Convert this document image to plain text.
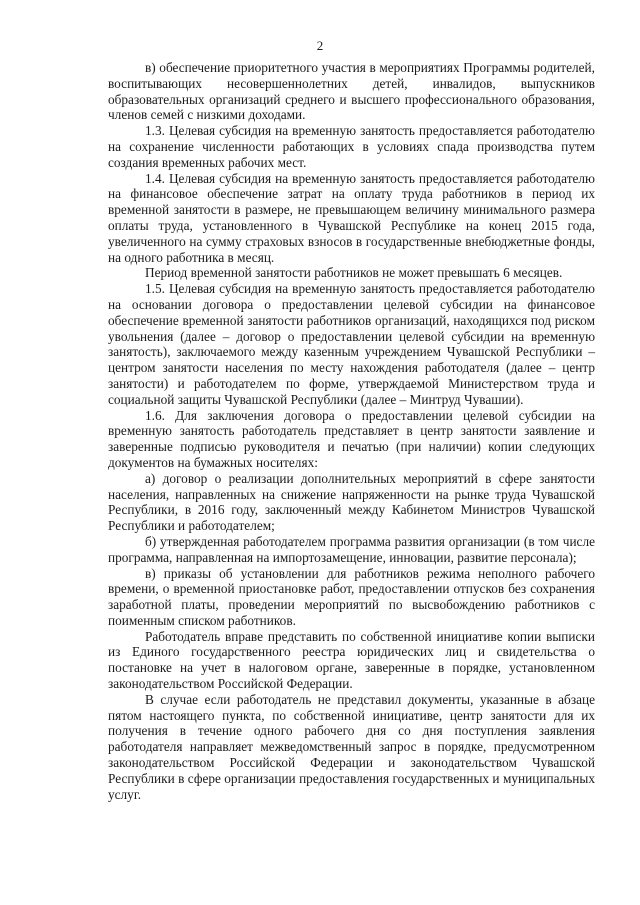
2

в) обеспечение приоритетного участия в мероприятиях Программы родителей, воспитывающих несовершеннолетних детей, инвалидов, выпускников образовательных организаций среднего и высшего профессионального образования, членов семей с низкими доходами.

1.3. Целевая субсидия на временную занятость предоставляется работодателю на сохранение численности работающих в условиях спада производства путем создания временных рабочих мест.

1.4. Целевая субсидия на временную занятость предоставляется работодателю на финансовое обеспечение затрат на оплату труда работников в период их временной занятости в размере, не превышающем величину минимального размера оплаты труда, установленного в Чувашской Республике на конец 2015 года, увеличенного на сумму страховых взносов в государственные внебюджетные фонды, на одного работника в месяц.

Период временной занятости работников не может превышать 6 месяцев.

1.5. Целевая субсидия на временную занятость предоставляется работодателю на основании договора о предоставлении целевой субсидии на финансовое обеспечение временной занятости работников организаций, находящихся под риском увольнения (далее – договор о предоставлении целевой субсидии на временную занятость), заключаемого между казенным учреждением Чувашской Республики – центром занятости населения по месту нахождения работодателя (далее – центр занятости) и работодателем по форме, утверждаемой Министерством труда и социальной защиты Чувашской Республики (далее – Минтруд Чувашии).

1.6. Для заключения договора о предоставлении целевой субсидии на временную занятость работодатель представляет в центр занятости заявление и заверенные подписью руководителя и печатью (при наличии) копии следующих документов на бумажных носителях:

а) договор о реализации дополнительных мероприятий в сфере занятости населения, направленных на снижение напряженности на рынке труда Чувашской Республики, в 2016 году, заключенный между Кабинетом Министров Чувашской Республики и работодателем;

б) утвержденная работодателем программа развития организации (в том числе программа, направленная на импортозамещение, инновации, развитие персонала);

в) приказы об установлении для работников режима неполного рабочего времени, о временной приостановке работ, предоставлении отпусков без сохранения заработной платы, проведении мероприятий по высвобождению работников с поименным списком работников.

Работодатель вправе представить по собственной инициативе копии выписки из Единого государственного реестра юридических лиц и свидетельства о постановке на учет в налоговом органе, заверенные в порядке, установленном законодательством Российской Федерации.

В случае если работодатель не представил документы, указанные в абзаце пятом настоящего пункта, по собственной инициативе, центр занятости для их получения в течение одного рабочего дня со дня поступления заявления работодателя направляет межведомственный запрос в порядке, предусмотренном законодательством Российской Федерации и законодательством Чувашской Республики в сфере организации предоставления государственных и муниципальных услуг.
